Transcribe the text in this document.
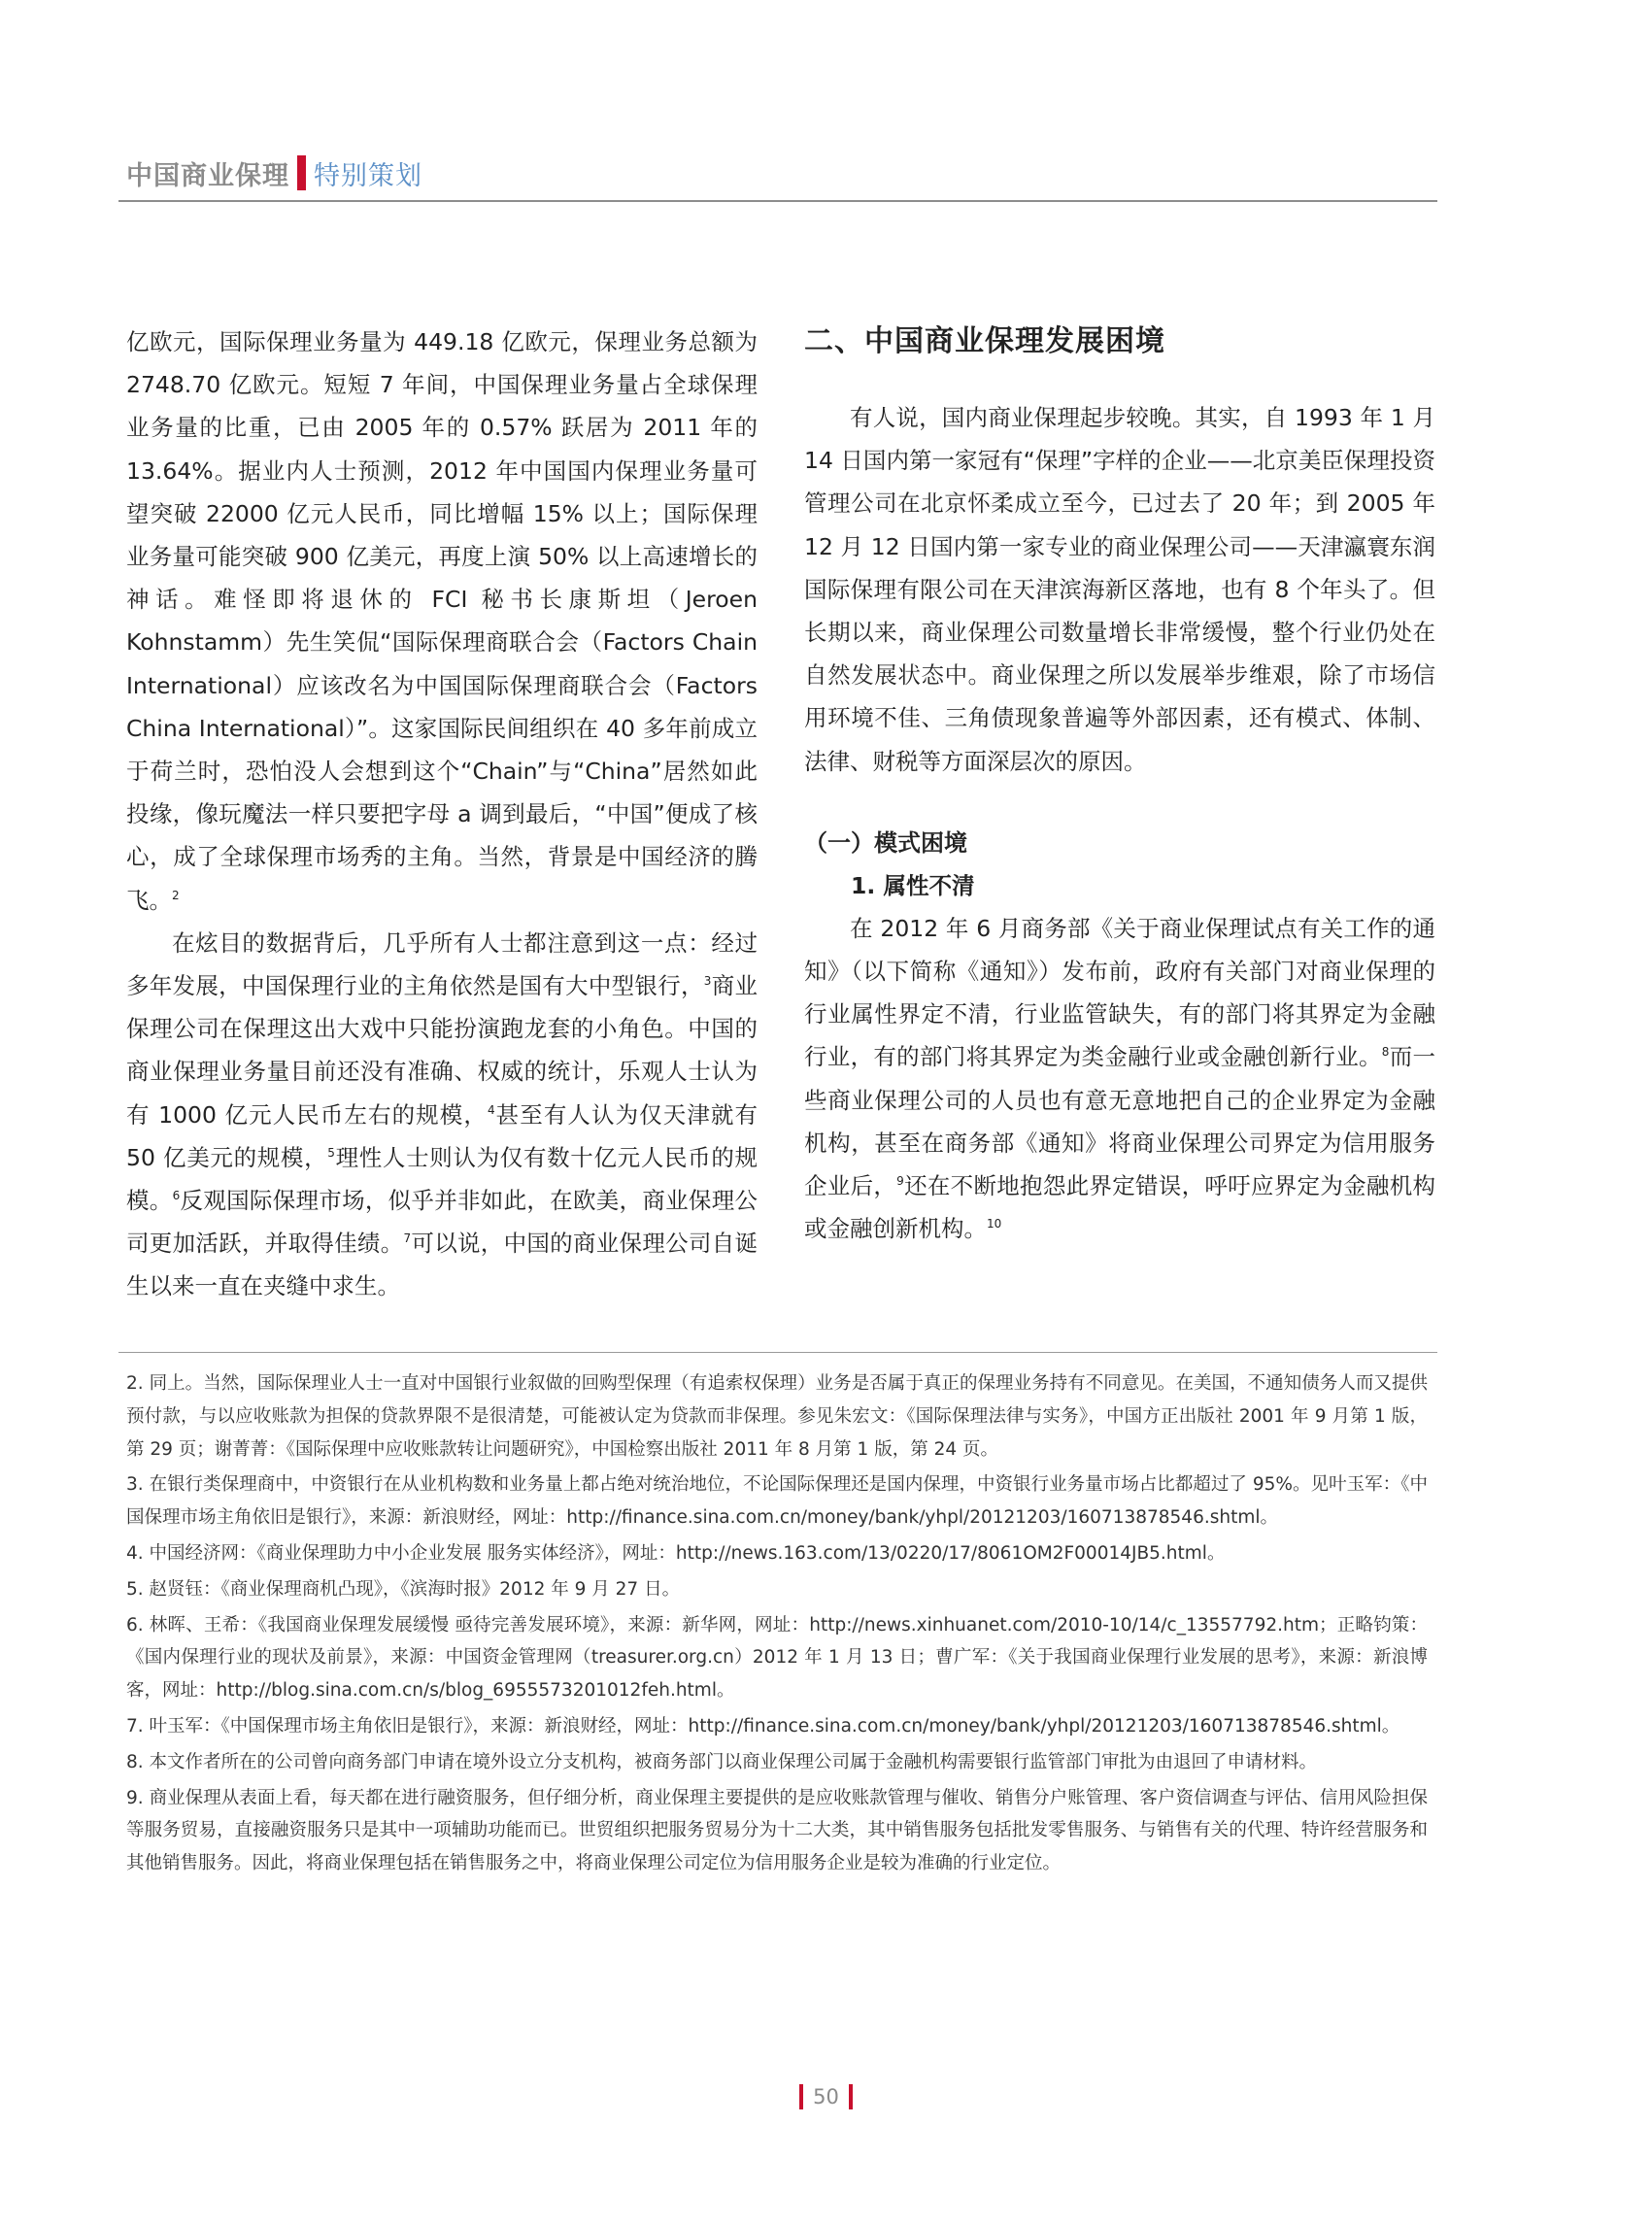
中国商业保理 特别策划

亿欧元，国际保理业务量为 449.18 亿欧元，保理业务总额为 2748.70 亿欧元。短短 7 年间，中国保理业务量占全球保理业务量的比重，已由 2005 年的 0.57% 跃居为 2011 年的 13.64%。据业内人士预测，2012 年中国国内保理业务量可望突破 22000 亿元人民币，同比增幅 15% 以上；国际保理业务量可能突破 900 亿美元，再度上演 50% 以上高速增长的神话。难怪即将退休的 FCI 秘书长康斯坦（Jeroen Kohnstamm）先生笑侃“国际保理商联合会（Factors Chain International）应该改名为中国国际保理商联合会（Factors China International）”。这家国际民间组织在 40 多年前成立于荷兰时，恐怕没人会想到这个“Chain”与“China”居然如此投缘，像玩魔法一样只要把字母 a 调到最后，“中国”便成了核心，成了全球保理市场秀的主角。当然，背景是中国经济的腾飞。$^2$

在炫目的数据背后，几乎所有人士都注意到这一点：经过多年发展，中国保理行业的主角依然是国有大中型银行，$^3$商业保理公司在保理这出大戏中只能扮演跑龙套的小角色。中国的商业保理业务量目前还没有准确、权威的统计，乐观人士认为有 1000 亿元人民币左右的规模，$^4$甚至有人认为仅天津就有 50 亿美元的规模，$^5$理性人士则认为仅有数十亿元人民币的规模。$^6$反观国际保理市场，似乎并非如此，在欧美，商业保理公司更加活跃，并取得佳绩。$^7$可以说，中国的商业保理公司自诞生以来一直在夹缝中求生。

二、中国商业保理发展困境

有人说，国内商业保理起步较晚。其实，自 1993 年 1 月 14 日国内第一家冠有“保理”字样的企业——北京美臣保理投资管理公司在北京怀柔成立至今，已过去了 20 年；到 2005 年 12 月 12 日国内第一家专业的商业保理公司——天津瀛寰东润国际保理有限公司在天津滨海新区落地，也有 8 个年头了。但长期以来，商业保理公司数量增长非常缓慢，整个行业仍处在自然发展状态中。商业保理之所以发展举步维艰，除了市场信用环境不佳、三角债现象普遍等外部因素，还有模式、体制、法律、财税等方面深层次的原因。

（一）模式困境
1. 属性不清

在 2012 年 6 月商务部《关于商业保理试点有关工作的通知》（以下简称《通知》）发布前，政府有关部门对商业保理的行业属性界定不清，行业监管缺失，有的部门将其界定为金融行业，有的部门将其界定为类金融行业或金融创新行业。$^8$而一些商业保理公司的人员也有意无意地把自己的企业界定为金融机构，甚至在商务部《通知》将商业保理公司界定为信用服务企业后，$^9$还在不断地抱怨此界定错误，呼吁应界定为金融机构或金融创新机构。$^{10}$

2. 同上。当然，国际保理业人士一直对中国银行业叙做的回购型保理（有追索权保理）业务是否属于真正的保理业务持有不同意见。在美国，不通知债务人而又提供预付款，与以应收账款为担保的贷款界限不是很清楚，可能被认定为贷款而非保理。参见朱宏文：《国际保理法律与实务》，中国方正出版社 2001 年 9 月第 1 版，第 29 页；谢菁菁：《国际保理中应收账款转让问题研究》，中国检察出版社 2011 年 8 月第 1 版，第 24 页。

3. 在银行类保理商中，中资银行在从业机构数和业务量上都占绝对统治地位，不论国际保理还是国内保理，中资银行业务量市场占比都超过了 95%。见叶玉军：《中国保理市场主角依旧是银行》，来源：新浪财经，网址：http://finance.sina.com.cn/money/bank/yhpl/20121203/160713878546.shtml。

4. 中国经济网：《商业保理助力中小企业发展 服务实体经济》，网址：http://news.163.com/13/0220/17/8061OM2F00014JB5.html。

5. 赵贤钰：《商业保理商机凸现》，《滨海时报》2012 年 9 月 27 日。

6. 林晖、王希：《我国商业保理发展缓慢 亟待完善发展环境》，来源：新华网，网址：http://news.xinhuanet.com/2010-10/14/c_13557792.htm；正略钧策：《国内保理行业的现状及前景》，来源：中国资金管理网（treasurer.org.cn）2012 年 1 月 13 日；曹广军：《关于我国商业保理行业发展的思考》，来源：新浪博客，网址：http://blog.sina.com.cn/s/blog_6955573201012feh.html。

7. 叶玉军：《中国保理市场主角依旧是银行》，来源：新浪财经，网址：http://finance.sina.com.cn/money/bank/yhpl/20121203/160713878546.shtml。

8. 本文作者所在的公司曾向商务部门申请在境外设立分支机构，被商务部门以商业保理公司属于金融机构需要银行监管部门审批为由退回了申请材料。

9. 商业保理从表面上看，每天都在进行融资服务，但仔细分析，商业保理主要提供的是应收账款管理与催收、销售分户账管理、客户资信调查与评估、信用风险担保等服务贸易，直接融资服务只是其中一项辅助功能而已。世贸组织把服务贸易分为十二大类，其中销售服务包括批发零售服务、与销售有关的代理、特许经营服务和其他销售服务。因此，将商业保理包括在销售服务之中，将商业保理公司定位为信用服务企业是较为准确的行业定位。

50
